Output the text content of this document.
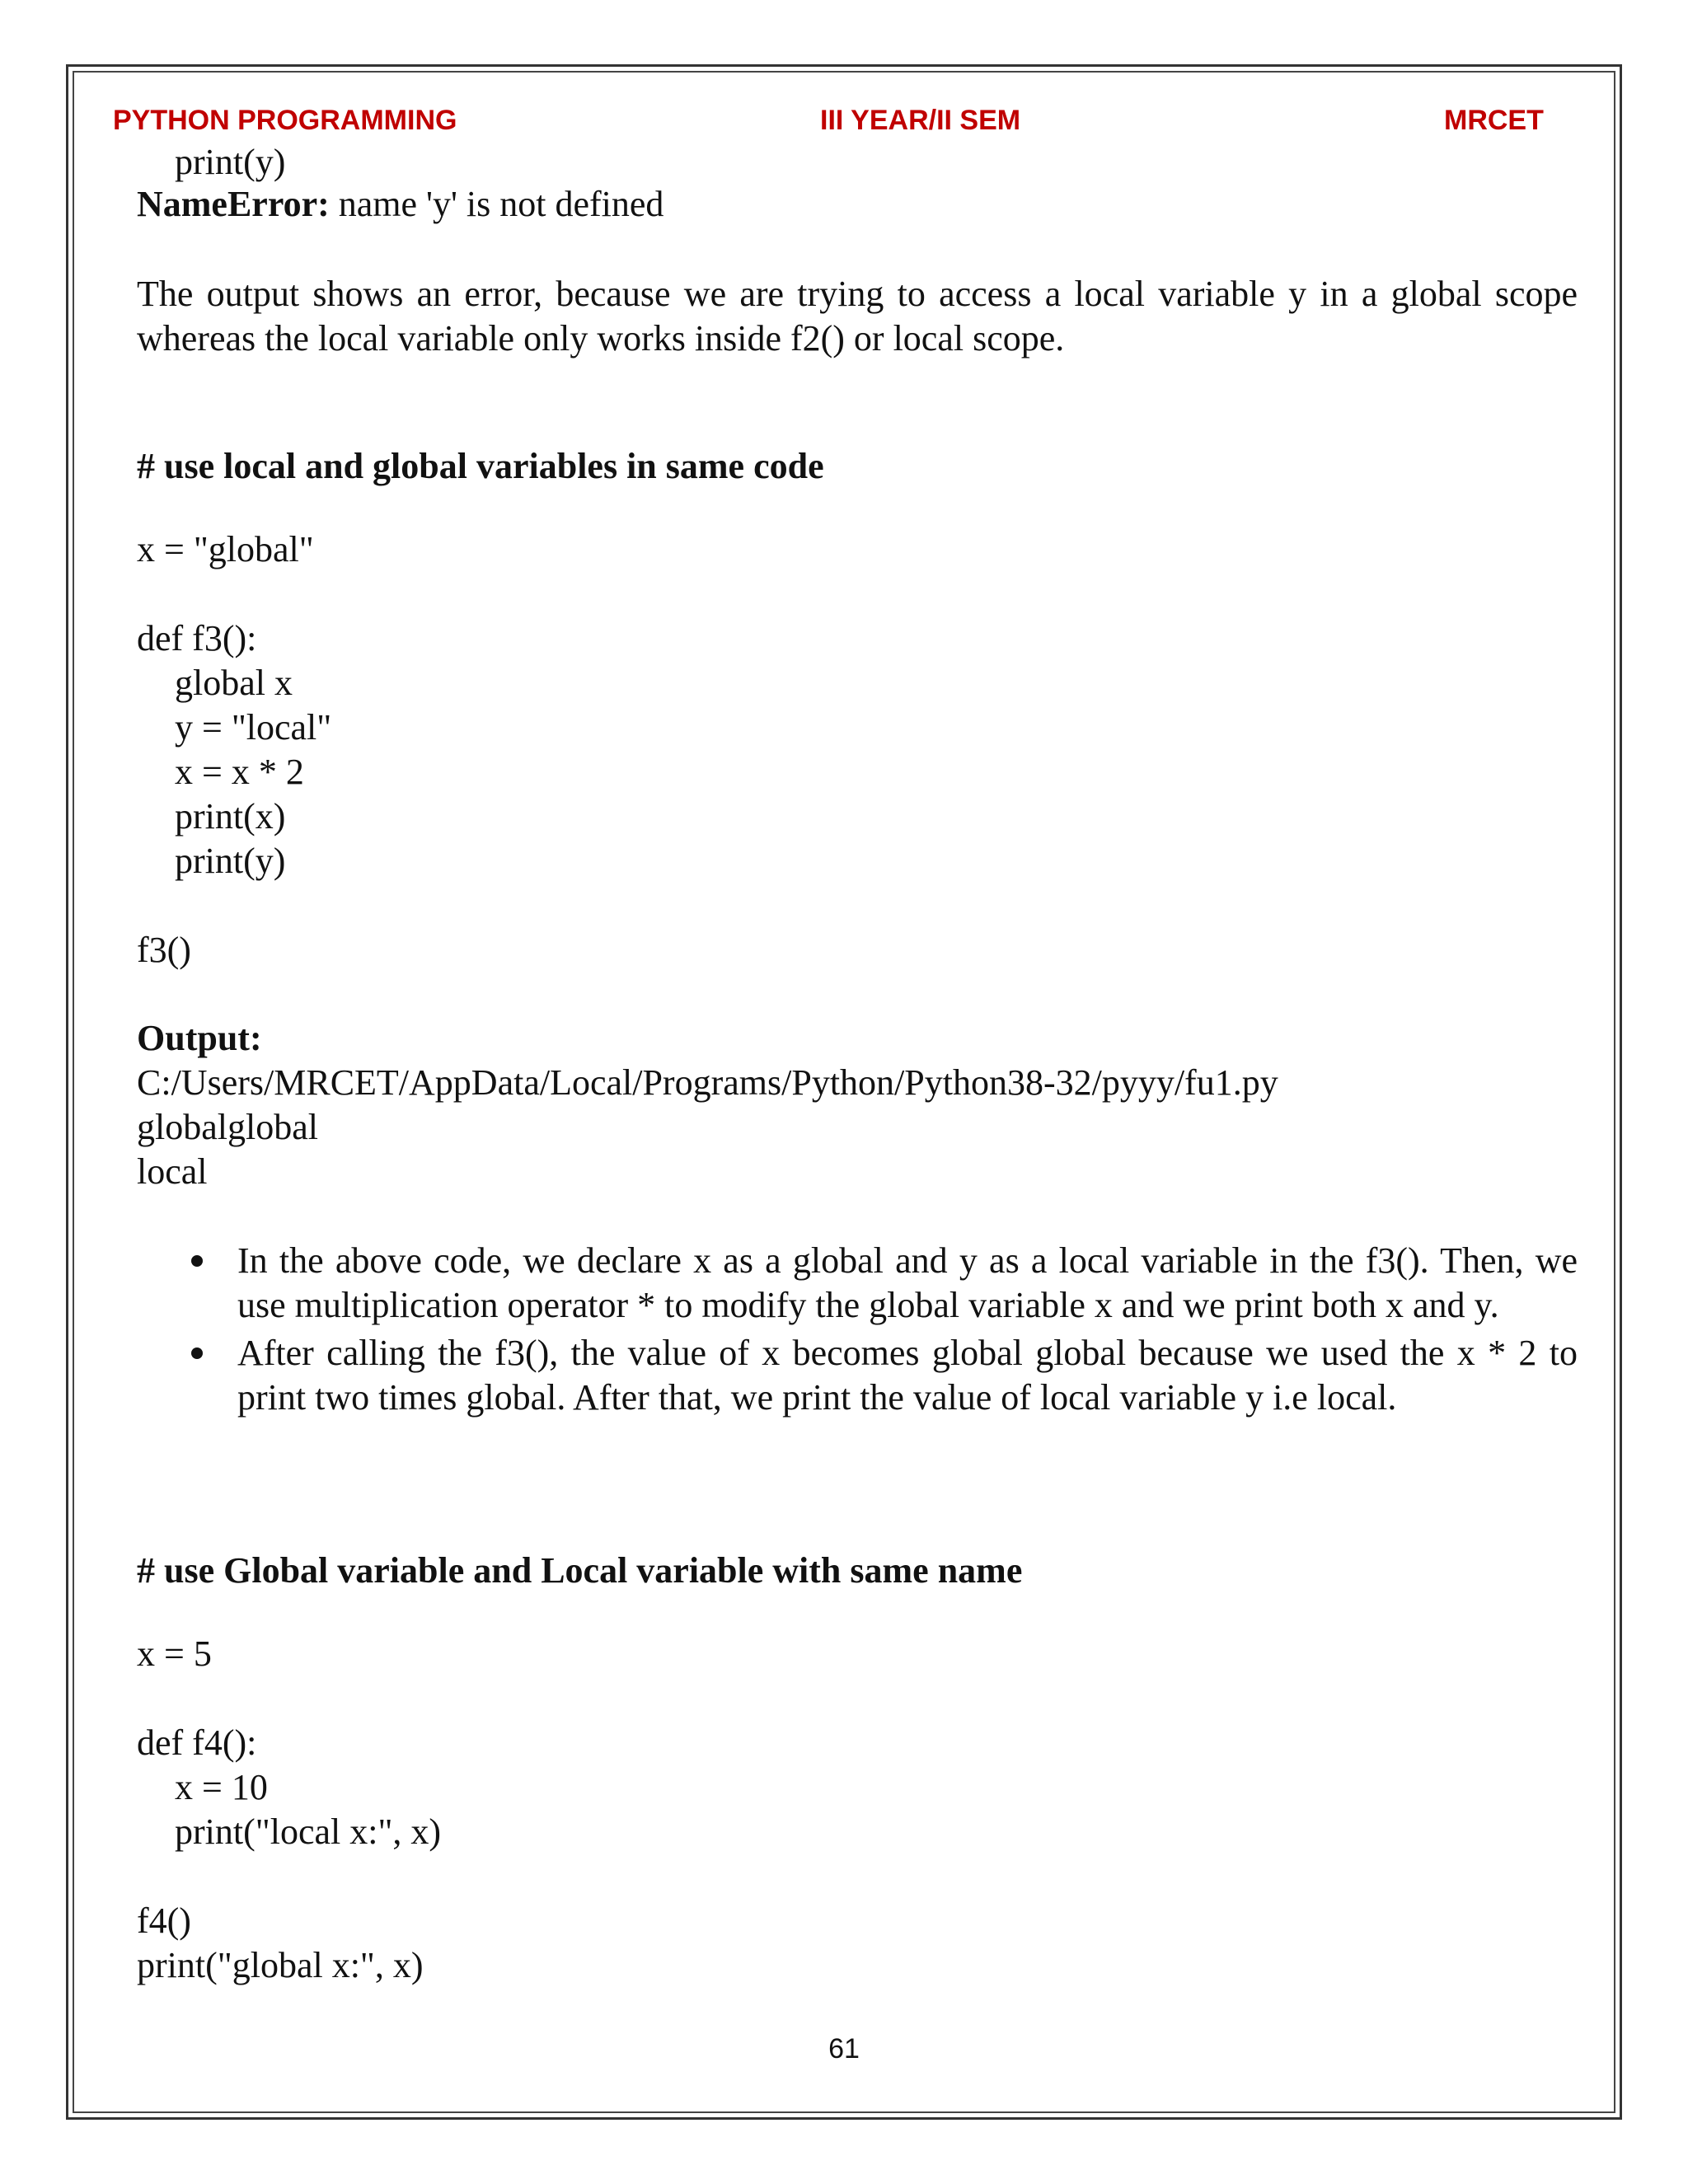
PYTHON PROGRAMMING	III YEAR/II SEM	MRCET
print(y)
NameError: name 'y' is not defined
The output shows an error, because we are trying to access a local variable y in a global scope whereas the local variable only works inside f2() or local scope.
# use local and global variables in same code
x = "global"
def f3():
global x
y = "local"
x = x * 2
print(x)
print(y)
f3()
Output:
C:/Users/MRCET/AppData/Local/Programs/Python/Python38-32/pyyy/fu1.py
globalglobal
local
In the above code, we declare x as a global and y as a local variable in the f3(). Then, we use multiplication operator * to modify the global variable x and we print both x and y.
After calling the f3(), the value of x becomes global global because we used the x * 2 to print two times global. After that, we print the value of local variable y i.e local.
# use Global variable and Local variable with same name
x = 5
def f4():
x = 10
print("local x:", x)
f4()
print("global x:", x)
61
